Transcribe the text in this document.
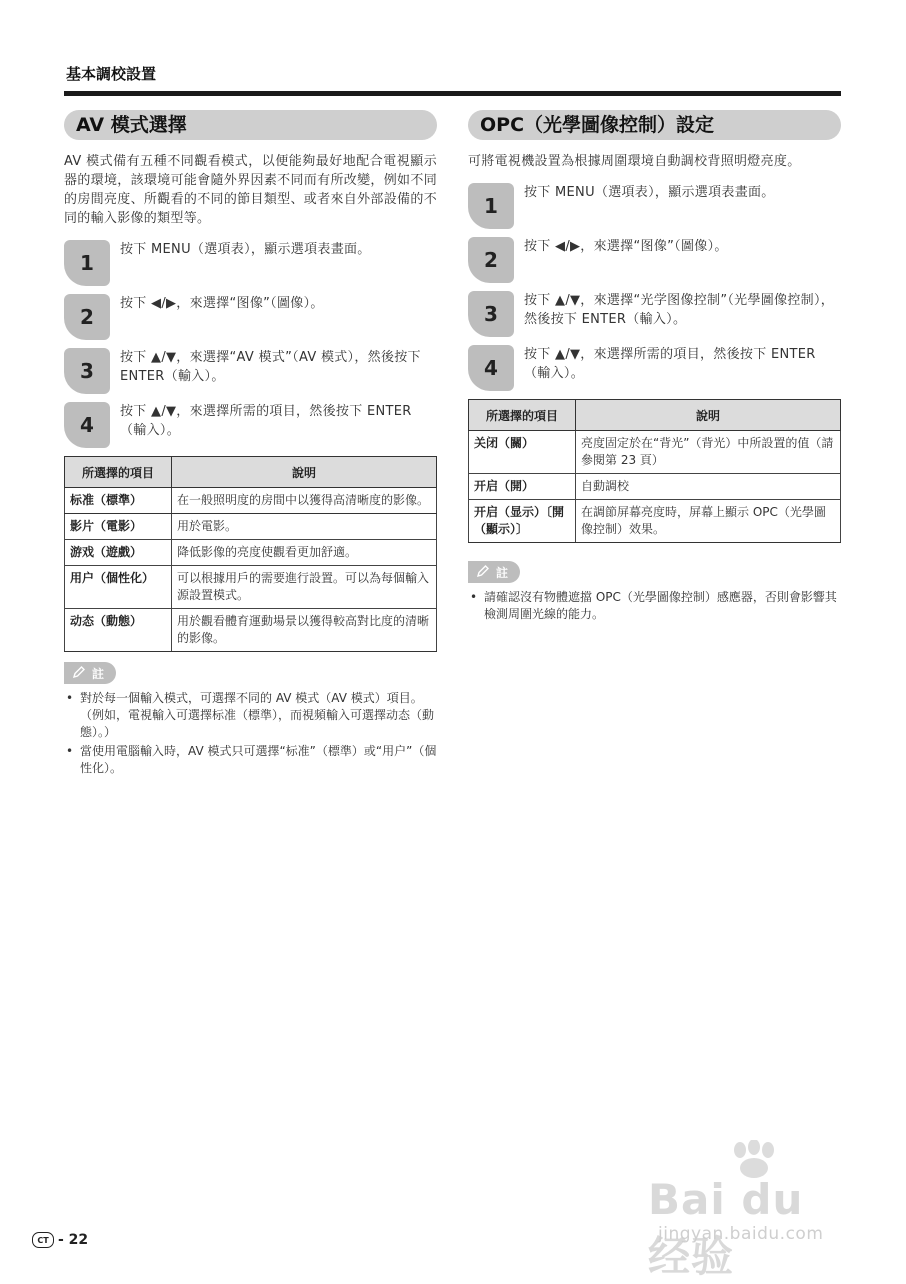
基本調校設置
AV 模式選擇
AV 模式備有五種不同觀看模式，以便能夠最好地配合電視顯示器的環境，該環境可能會隨外界因素不同而有所改變，例如不同的房間亮度、所觀看的不同的節目類型、或者來自外部設備的不同的輸入影像的類型等。
1
按下 MENU（選項表），顯示選項表畫面。
2
按下 ◀/▶，來選擇“图像”（圖像）。
3
按下 ▲/▼，來選擇“AV 模式”（AV 模式），然後按下 ENTER（輸入）。
4
按下 ▲/▼，來選擇所需的項目，然後按下 ENTER（輸入）。
所選擇的項目	說明
标准（標準）	在一般照明度的房間中以獲得高清晰度的影像。
影片（電影）	用於電影。
游戏（遊戲）	降低影像的亮度使觀看更加舒適。
用户（個性化）	可以根據用戶的需要進行設置。可以為每個輸入源設置模式。
动态（動態）	用於觀看體育運動場景以獲得較高對比度的清晰的影像。
註
• 對於每一個輸入模式，可選擇不同的 AV 模式（AV 模式）項目。（例如，電視輸入可選擇标准（標準），而視頻輸入可選擇动态（動態）。）
• 當使用電腦輸入時，AV 模式只可選擇“标准”（標準）或“用户”（個性化）。
OPC（光學圖像控制）設定
可將電視機設置為根據周圍環境自動調校背照明燈亮度。
1
按下 MENU（選項表），顯示選項表畫面。
2
按下 ◀/▶，來選擇“图像”（圖像）。
3
按下 ▲/▼，來選擇“光学图像控制”（光學圖像控制），然後按下 ENTER（輸入）。
4
按下 ▲/▼，來選擇所需的項目，然後按下 ENTER（輸入）。
所選擇的項目	說明
关闭（關）	亮度固定於在“背光”（背光）中所設置的值（請參閱第 23 頁）
开启（開）	自動調校
开启（显示）〔開（顯示）〕	在調節屏幕亮度時，屏幕上顯示 OPC（光學圖像控制）效果。
註
• 請確認沒有物體遮擋 OPC（光學圖像控制）感應器，否則會影響其檢測周圍光線的能力。
Bai du 经验
jingyan.baidu.com
CT - 22
